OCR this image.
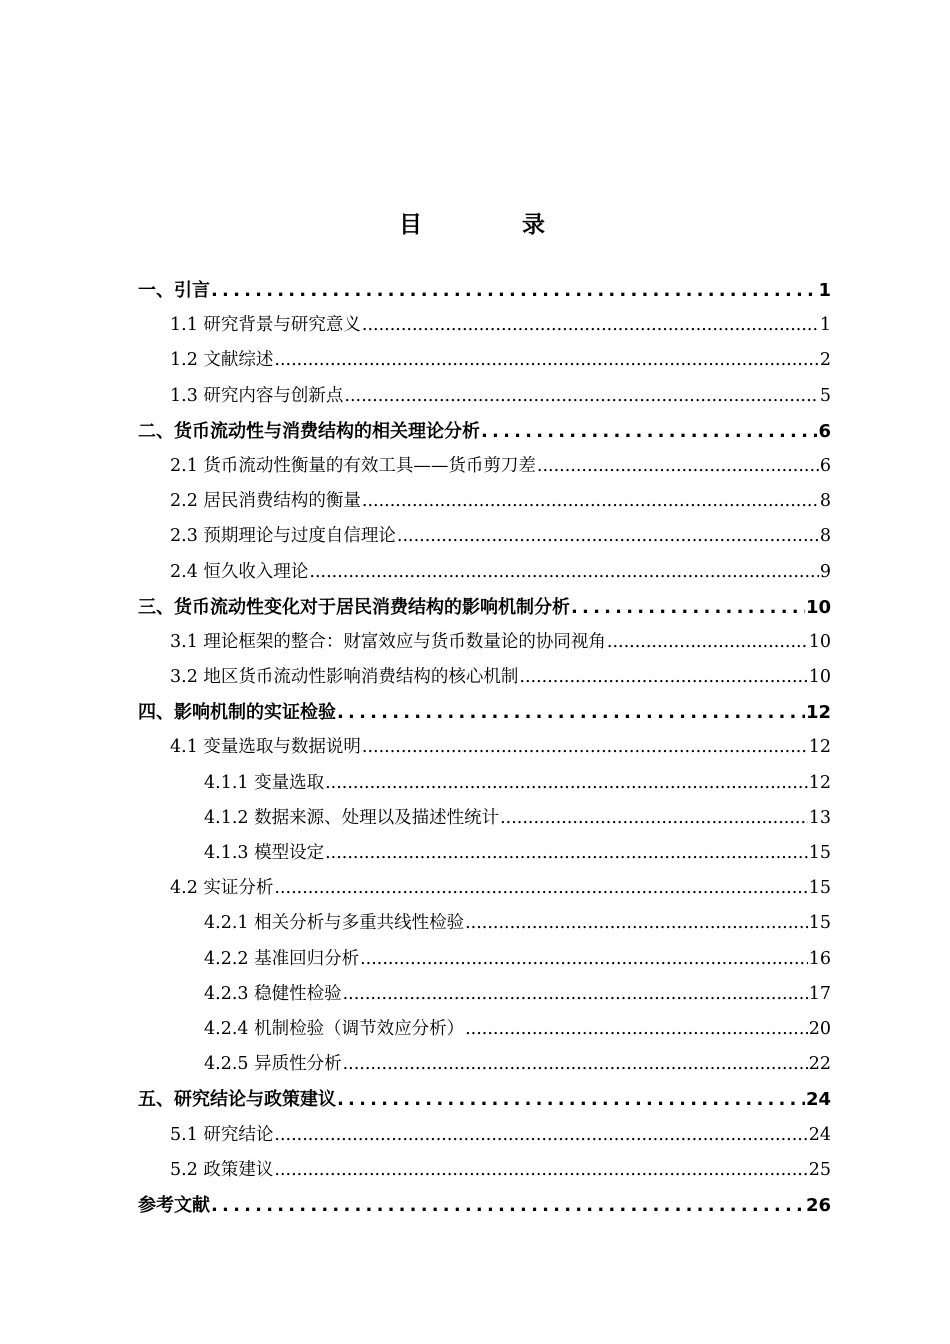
目 录
一、引言 .....	1
1.1 研究背景与研究意义 .....	1
1.2 文献综述 .....	2
1.3 研究内容与创新点 .....	5
二、货币流动性与消费结构的相关理论分析 .....	6
2.1 货币流动性衡量的有效工具——货币剪刀差 .....	6
2.2 居民消费结构的衡量 .....	8
2.3 预期理论与过度自信理论 .....	8
2.4 恒久收入理论 .....	9
三、货币流动性变化对于居民消费结构的影响机制分析 .....	10
3.1 理论框架的整合：财富效应与货币数量论的协同视角 .....	10
3.2 地区货币流动性影响消费结构的核心机制 .....	10
四、影响机制的实证检验 .....	12
4.1 变量选取与数据说明 .....	12
4.1.1 变量选取 .....	12
4.1.2 数据来源、处理以及描述性统计 .....	13
4.1.3 模型设定 .....	15
4.2 实证分析 .....	15
4.2.1 相关分析与多重共线性检验 .....	15
4.2.2 基准回归分析 .....	16
4.2.3 稳健性检验 .....	17
4.2.4 机制检验（调节效应分析） .....	20
4.2.5 异质性分析 .....	22
五、研究结论与政策建议 .....	24
5.1 研究结论 .....	24
5.2 政策建议 .....	25
参考文献 .....	26
